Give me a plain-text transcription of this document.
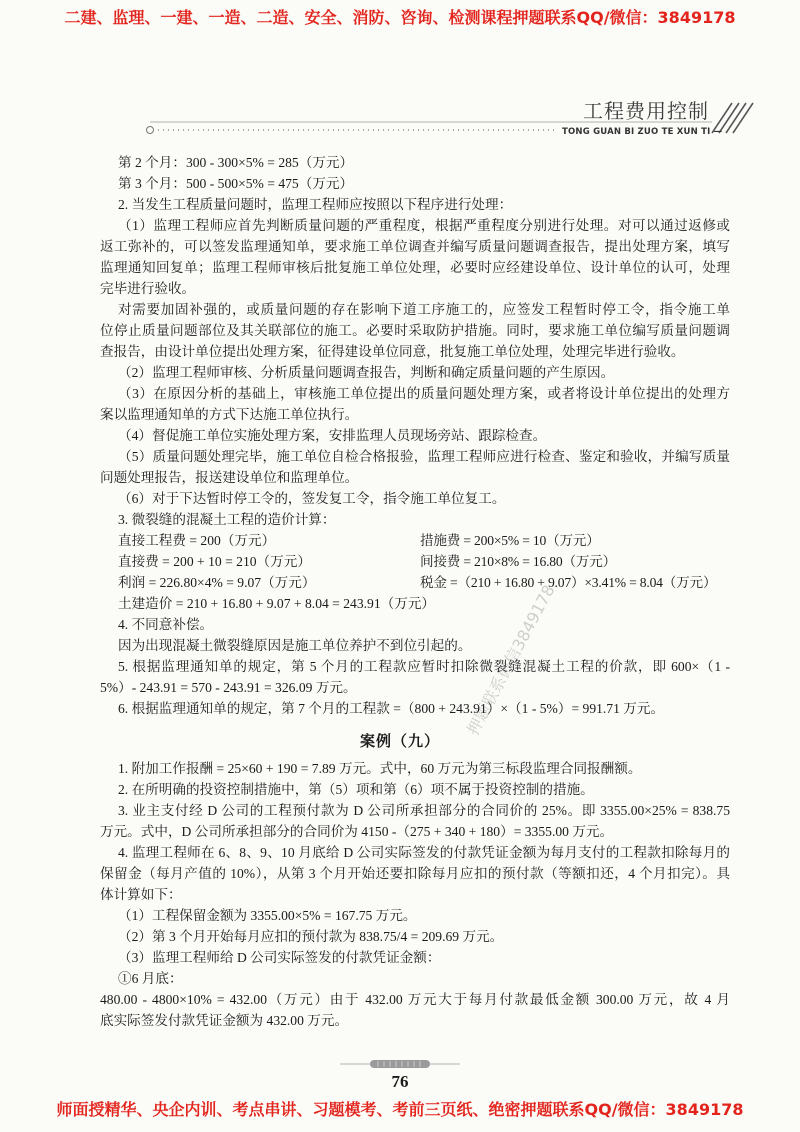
二建、监理、一建、一造、二造、安全、消防、咨询、检测课程押题联系QQ/微信：3849178
工程费用控制
TONG GUAN BI ZUO TE XUN TI —
第 2 个月：300 - 300×5% = 285（万元）
第 3 个月：500 - 500×5% = 475（万元）
2. 当发生工程质量问题时，监理工程师应按照以下程序进行处理：
（1）监理工程师应首先判断质量问题的严重程度，根据严重程度分别进行处理。对可以通过返修或
返工弥补的，可以签发监理通知单，要求施工单位调查并编写质量问题调查报告，提出处理方案，填写
监理通知回复单；监理工程师审核后批复施工单位处理，必要时应经建设单位、设计单位的认可，处理
完毕进行验收。
对需要加固补强的，或质量问题的存在影响下道工序施工的，应签发工程暂时停工令，指令施工单
位停止质量问题部位及其关联部位的施工。必要时采取防护措施。同时，要求施工单位编写质量问题调
查报告，由设计单位提出处理方案，征得建设单位同意，批复施工单位处理，处理完毕进行验收。
（2）监理工程师审核、分析质量问题调查报告，判断和确定质量问题的产生原因。
（3）在原因分析的基础上，审核施工单位提出的质量问题处理方案，或者将设计单位提出的处理方
案以监理通知单的方式下达施工单位执行。
（4）督促施工单位实施处理方案，安排监理人员现场旁站、跟踪检查。
（5）质量问题处理完毕，施工单位自检合格报验，监理工程师应进行检查、鉴定和验收，并编写质量
问题处理报告，报送建设单位和监理单位。
（6）对于下达暂时停工令的，签发复工令，指令施工单位复工。
3. 微裂缝的混凝土工程的造价计算：
直接工程费 = 200（万元）	措施费 = 200×5% = 10（万元）
直接费 = 200 + 10 = 210（万元）	间接费 = 210×8% = 16.80（万元）
利润 = 226.80×4% = 9.07（万元）	税金 =（210 + 16.80 + 9.07）×3.41% = 8.04（万元）
土建造价 = 210 + 16.80 + 9.07 + 8.04 = 243.91（万元）
4. 不同意补偿。
因为出现混凝土微裂缝原因是施工单位养护不到位引起的。
5. 根据监理通知单的规定，第 5 个月的工程款应暂时扣除微裂缝混凝土工程的价款，即 600×（1 -
5%）- 243.91 = 570 - 243.91 = 326.09 万元。
6. 根据监理通知单的规定，第 7 个月的工程款 =（800 + 243.91）×（1 - 5%）= 991.71 万元。
案例（九）
1. 附加工作报酬 = 25×60 + 190 = 7.89 万元。式中，60 万元为第三标段监理合同报酬额。
2. 在所明确的投资控制措施中，第（5）项和第（6）项不属于投资控制的措施。
3. 业主支付经 D 公司的工程预付款为 D 公司所承担部分的合同价的 25%。即 3355.00×25% = 838.75
万元。式中，D 公司所承担部分的合同价为 4150 -（275 + 340 + 180）= 3355.00 万元。
4. 监理工程师在 6、8、9、10 月底给 D 公司实际签发的付款凭证金额为每月支付的工程款扣除每月的
保留金（每月产值的 10%），从第 3 个月开始还要扣除每月应扣的预付款（等额扣还，4 个月扣完）。具
体计算如下：
（1）工程保留金额为 3355.00×5% = 167.75 万元。
（2）第 3 个月开始每月应扣的预付款为 838.75/4 = 209.69 万元。
（3）监理工程师给 D 公司实际签发的付款凭证金额：
①6 月底：
480.00 - 4800×10% = 432.00（万元）由于 432.00 万元大于每月付款最低金额 300.00 万元，故 4 月
底实际签发付款凭证金额为 432.00 万元。
押题联系微信3849178
76
师面授精华、央企内训、考点串讲、习题模考、考前三页纸、绝密押题联系QQ/微信：3849178
